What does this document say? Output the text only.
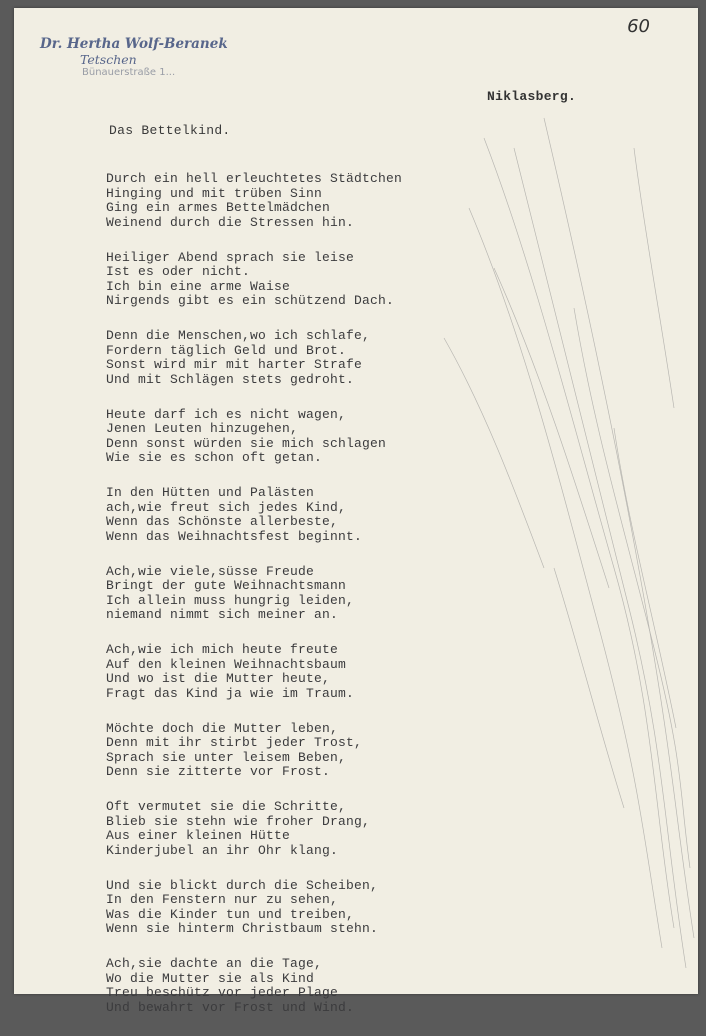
60
Dr. Hertha Wolf-Beranek
Tetschen
Bünauerstraße 1...
Niklasberg.
Das Bettelkind.
Durch ein hell erleuchtetes Städtchen
Hinging und mit trüben Sinn
Ging ein armes Bettelmädchen
Weinend durch die Stressen hin.
Heiliger Abend sprach sie leise
Ist es oder nicht.
Ich bin eine arme Waise
Nirgends gibt es ein schützend Dach.
Denn die Menschen,wo ich schlafe,
Fordern täglich Geld und Brot.
Sonst wird mir mit harter Strafe
Und mit Schlägen stets gedroht.
Heute darf ich es nicht wagen,
Jenen Leuten hinzugehen,
Denn sonst würden sie mich schlagen
Wie sie es schon oft getan.
In den Hütten und Palästen
ach,wie freut sich jedes Kind,
Wenn das Schönste allerbeste,
Wenn das Weihnachtsfest beginnt.
Ach,wie viele,süsse Freude
Bringt der gute Weihnachtsmann
Ich allein muss hungrig leiden,
niemand nimmt sich meiner an.
Ach,wie ich mich heute freute
Auf den kleinen Weihnachtsbaum
Und wo ist die Mutter heute,
Fragt das Kind ja wie im Traum.
Möchte doch die Mutter leben,
Denn mit ihr stirbt jeder Trost,
Sprach sie unter leisem Beben,
Denn sie zitterte vor Frost.
Oft vermutet sie die Schritte,
Blieb sie stehn wie froher Drang,
Aus einer kleinen Hütte
Kinderjubel an ihr Ohr klang.
Und sie blickt durch die Scheiben,
In den Fenstern nur zu sehen,
Was die Kinder tun und treiben,
Wenn sie hinterm Christbaum stehn.
Ach,sie dachte an die Tage,
Wo die Mutter sie als Kind
Treu beschütz vor jeder Plage
Und bewahrt vor Frost und Wind.
